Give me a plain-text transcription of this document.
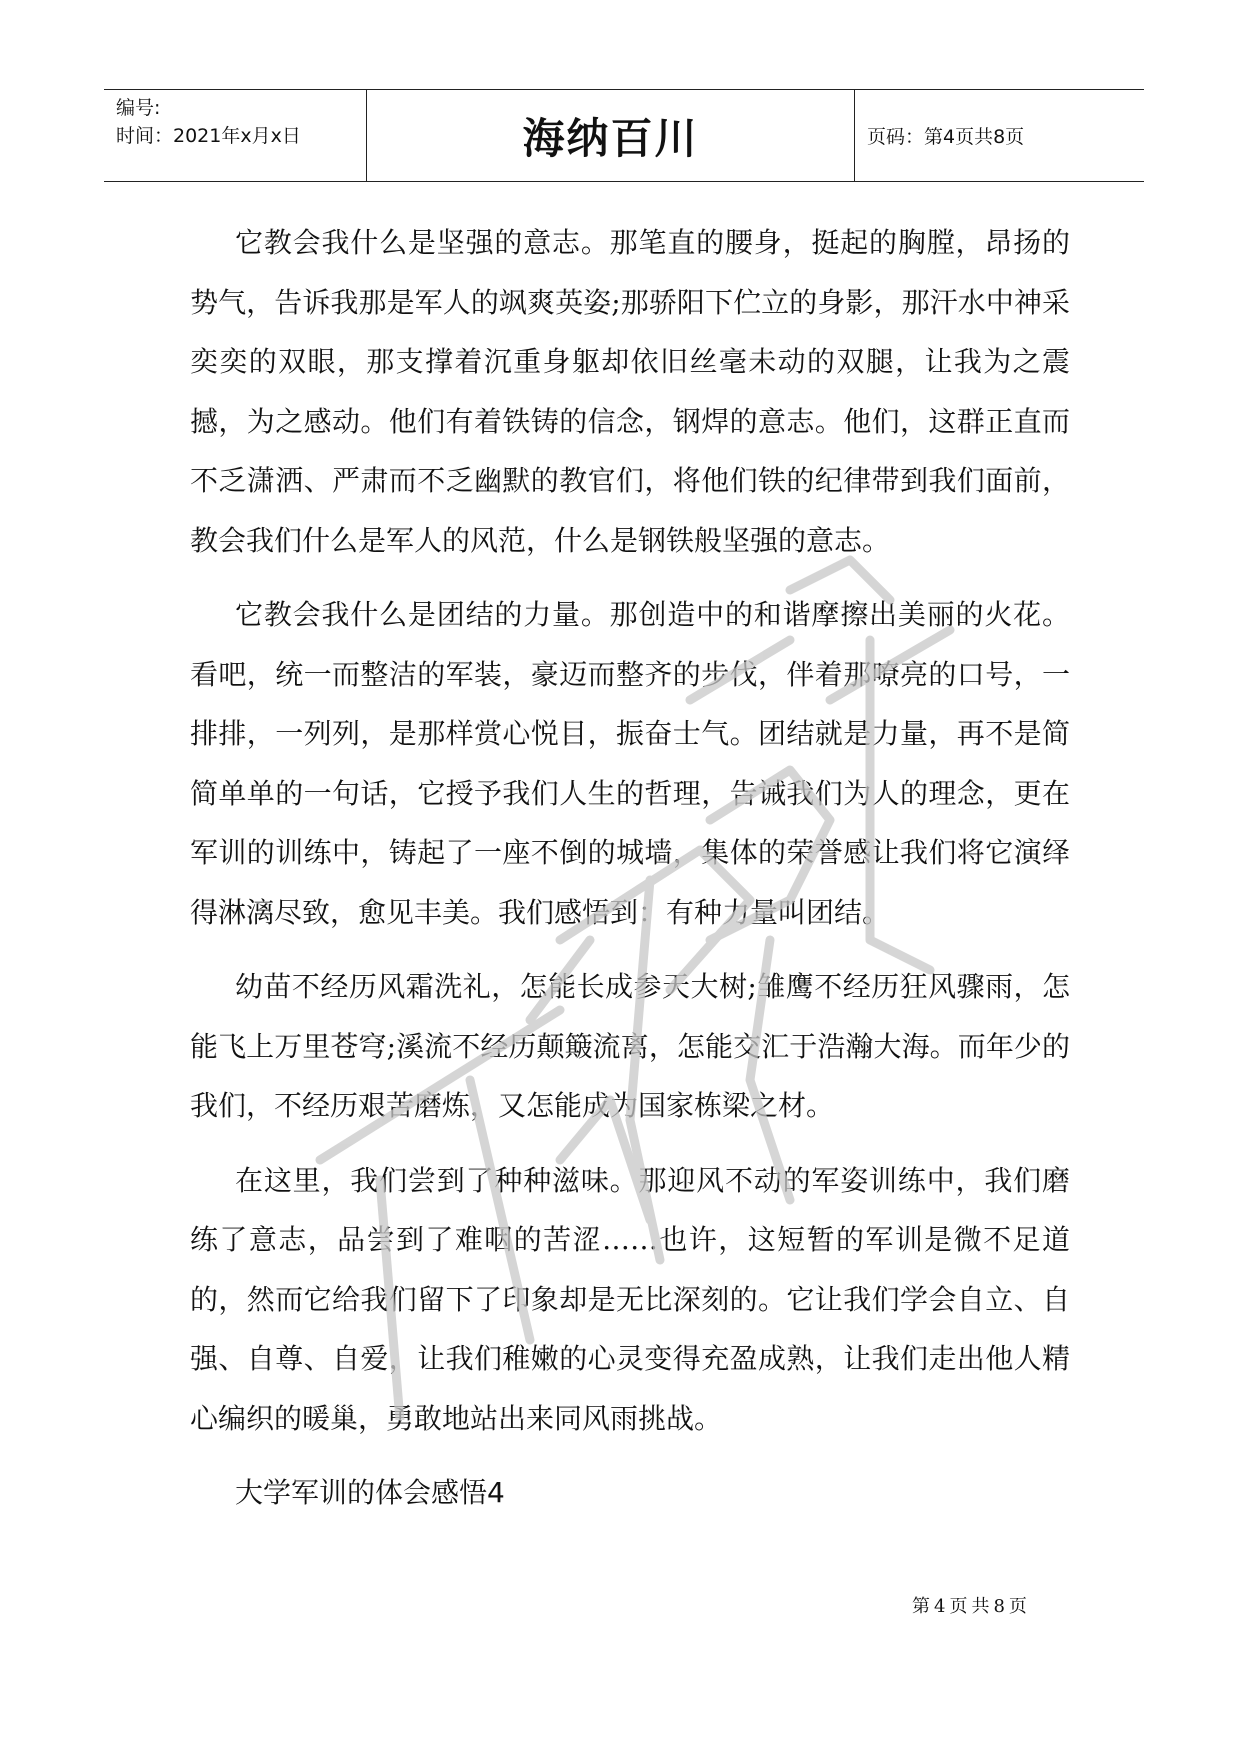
编号:
时间：2021年x月x日	海纳百川	页码：第4页共8页

它教会我什么是坚强的意志。那笔直的腰身，挺起的胸膛，昂扬的势气，告诉我那是军人的飒爽英姿;那骄阳下伫立的身影，那汗水中神采奕奕的双眼，那支撑着沉重身躯却依旧丝毫未动的双腿，让我为之震撼，为之感动。他们有着铁铸的信念，钢焊的意志。他们，这群正直而不乏潇洒、严肃而不乏幽默的教官们，将他们铁的纪律带到我们面前，教会我们什么是军人的风范，什么是钢铁般坚强的意志。

它教会我什么是团结的力量。那创造中的和谐摩擦出美丽的火花。看吧，统一而整洁的军装，豪迈而整齐的步伐，伴着那嘹亮的口号，一排排，一列列，是那样赏心悦目，振奋士气。团结就是力量，再不是简简单单的一句话，它授予我们人生的哲理，告诫我们为人的理念，更在军训的训练中，铸起了一座不倒的城墙，集体的荣誉感让我们将它演绎得淋漓尽致，愈见丰美。我们感悟到：有种力量叫团结。

幼苗不经历风霜洗礼，怎能长成参天大树;雏鹰不经历狂风骤雨，怎能飞上万里苍穹;溪流不经历颠簸流离，怎能交汇于浩瀚大海。而年少的我们，不经历艰苦磨炼，又怎能成为国家栋梁之材。

在这里，我们尝到了种种滋味。那迎风不动的军姿训练中，我们磨练了意志，品尝到了难咽的苦涩……也许，这短暂的军训是微不足道的，然而它给我们留下了印象却是无比深刻的。它让我们学会自立、自强、自尊、自爱，让我们稚嫩的心灵变得充盈成熟，让我们走出他人精心编织的暖巢，勇敢地站出来同风雨挑战。

大学军训的体会感悟4

第4页共8页
